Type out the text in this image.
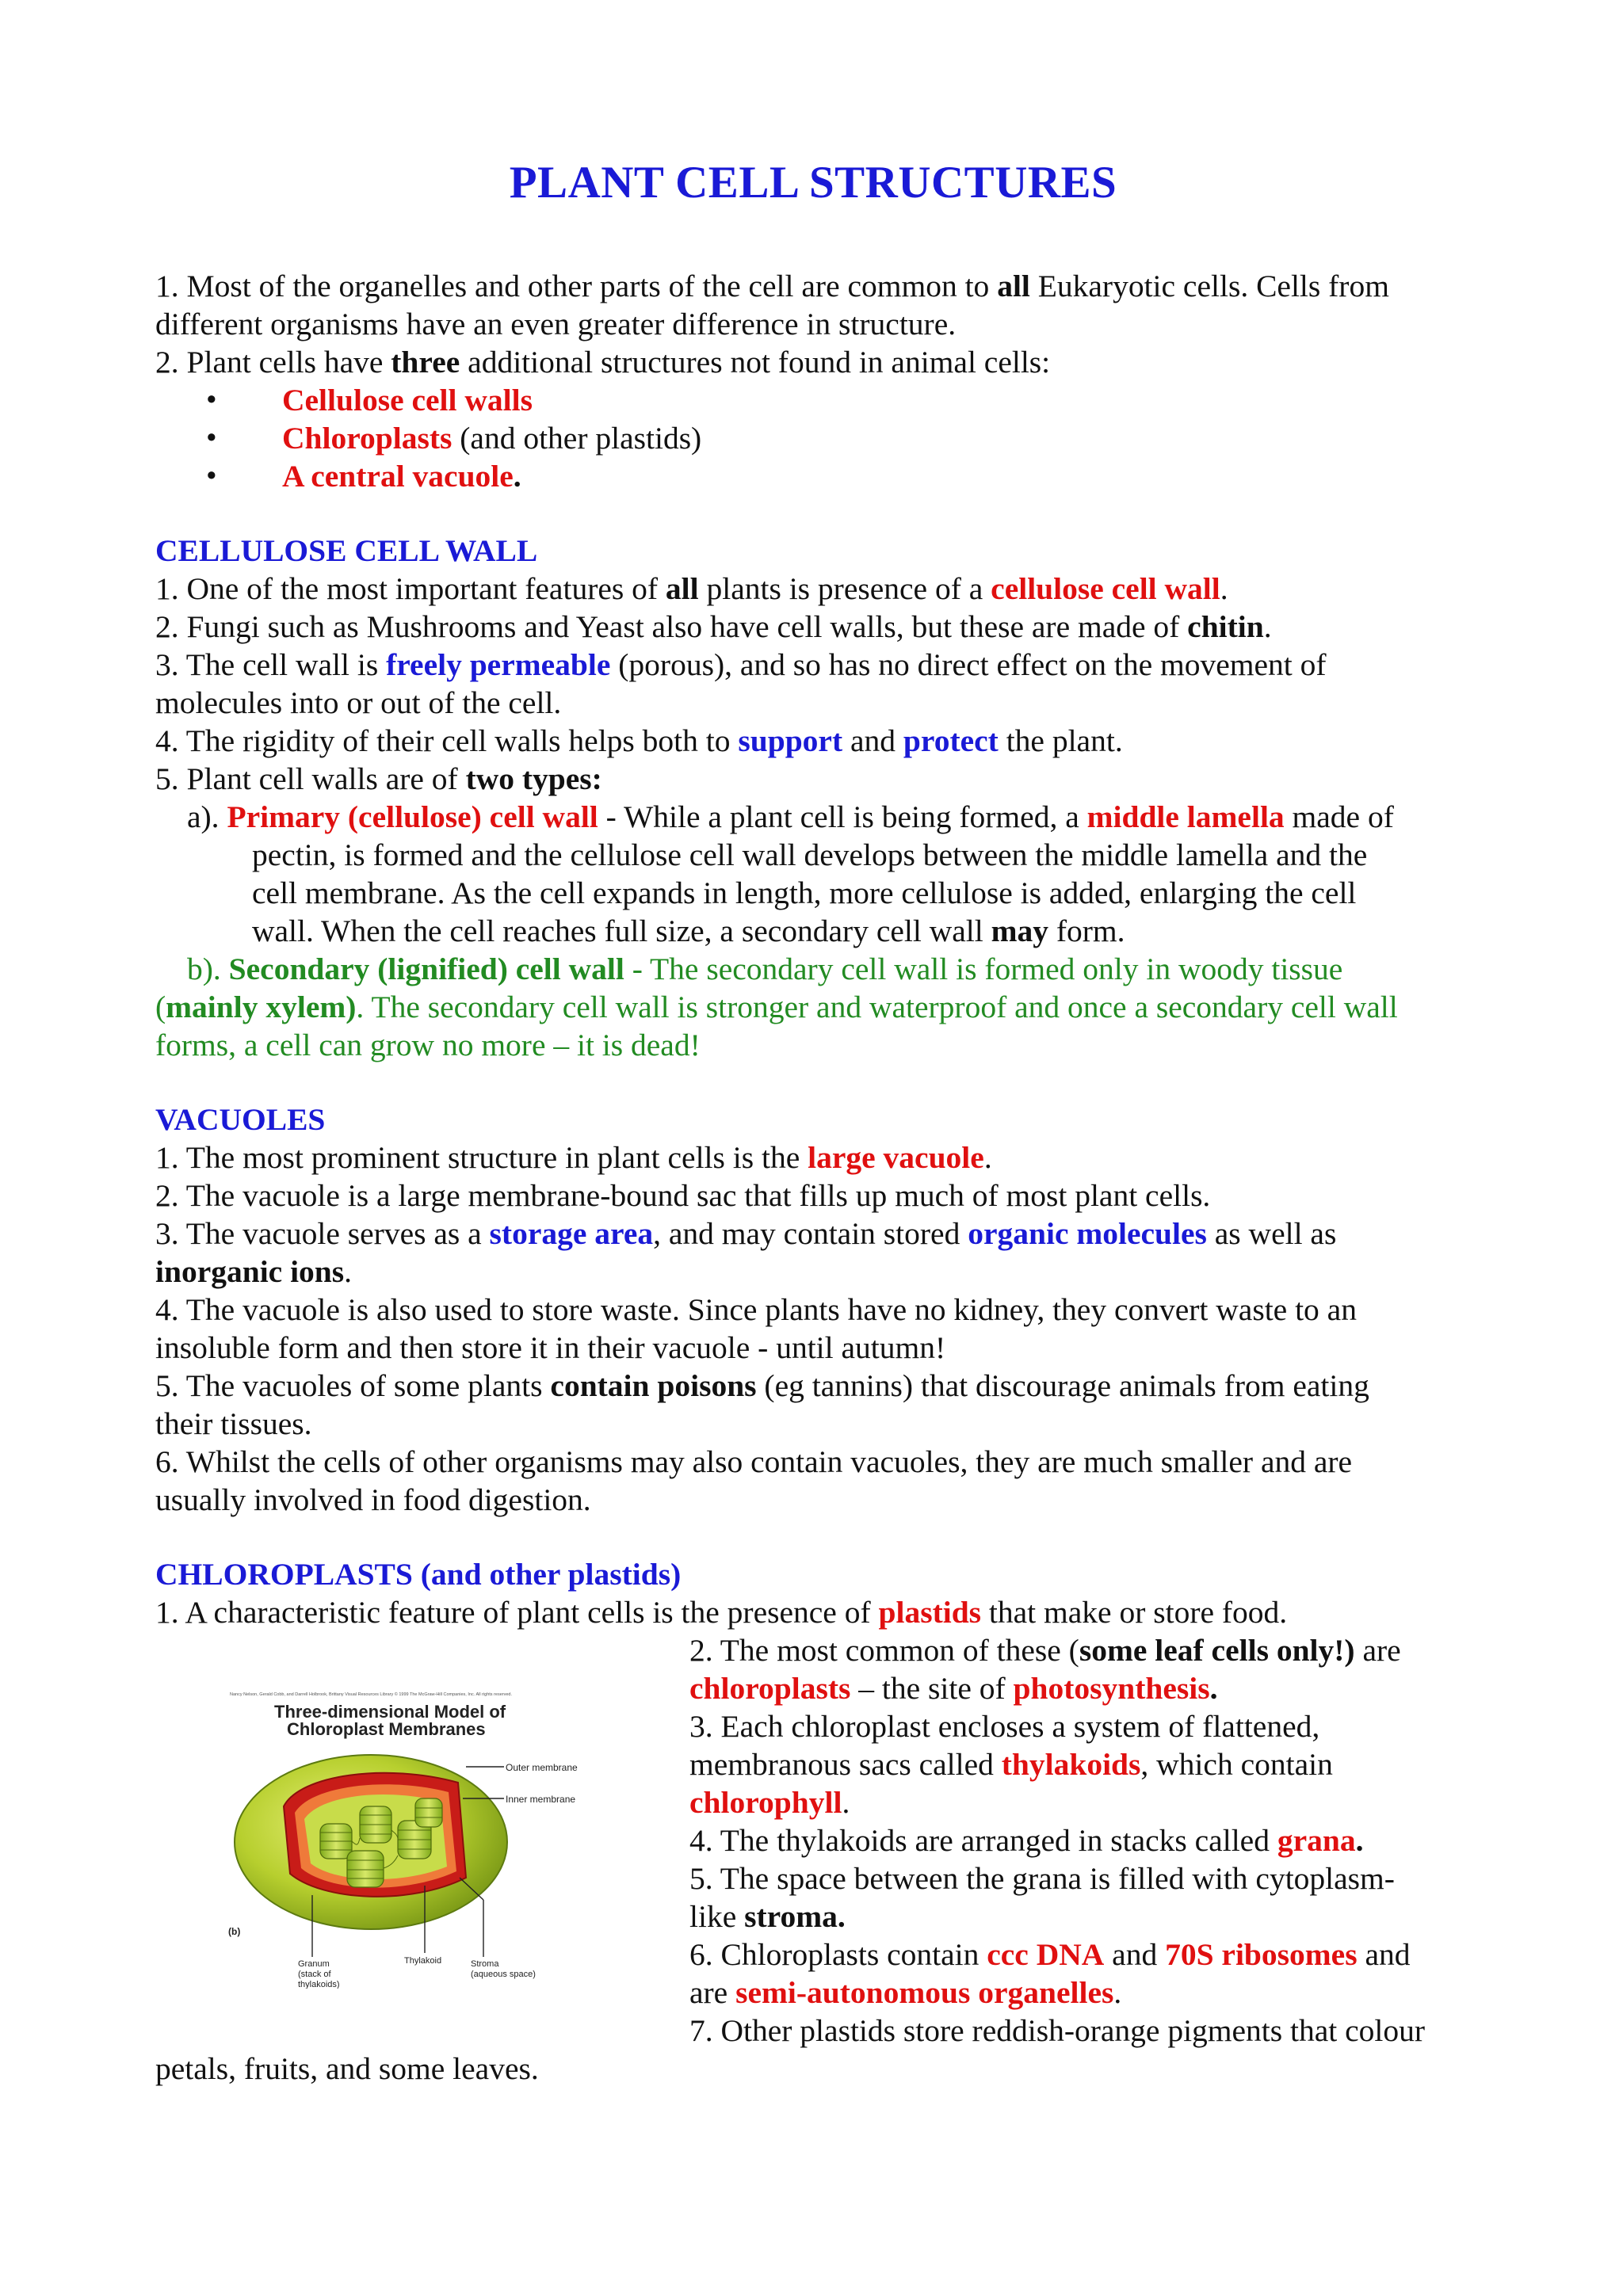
PLANT CELL STRUCTURES
1. Most of the organelles and other parts of the cell are common to all Eukaryotic cells. Cells from
different organisms have an even greater difference in structure.
2. Plant cells have three additional structures not found in animal cells:
• Cellulose cell walls
• Chloroplasts (and other plastids)
• A central vacuole.
CELLULOSE CELL WALL
1. One of the most important features of all plants is presence of a cellulose cell wall.
2. Fungi such as Mushrooms and Yeast also have cell walls, but these are made of chitin.
3. The cell wall is freely permeable (porous), and so has no direct effect on the movement of
molecules into or out of the cell.
4. The rigidity of their cell walls helps both to support and protect the plant.
5. Plant cell walls are of two types:
a). Primary (cellulose) cell wall - While a plant cell is being formed, a middle lamella made of
pectin, is formed and the cellulose cell wall develops between the middle lamella and the
cell membrane. As the cell expands in length, more cellulose is added, enlarging the cell
wall. When the cell reaches full size, a secondary cell wall may form.
b). Secondary (lignified) cell wall - The secondary cell wall is formed only in woody tissue
(mainly xylem). The secondary cell wall is stronger and waterproof and once a secondary cell wall
forms, a cell can grow no more – it is dead!
VACUOLES
1. The most prominent structure in plant cells is the large vacuole.
2. The vacuole is a large membrane-bound sac that fills up much of most plant cells.
3. The vacuole serves as a storage area, and may contain stored organic molecules as well as
inorganic ions.
4. The vacuole is also used to store waste. Since plants have no kidney, they convert waste to an
insoluble form and then store it in their vacuole - until autumn!
5. The vacuoles of some plants contain poisons (eg tannins) that discourage animals from eating
their tissues.
6. Whilst the cells of other organisms may also contain vacuoles, they are much smaller and are
usually involved in food digestion.
CHLOROPLASTS (and other plastids)
1. A characteristic feature of plant cells is the presence of plastids that make or store food.
2. The most common of these (some leaf cells only!) are
chloroplasts – the site of photosynthesis.
3. Each chloroplast encloses a system of flattened,
membranous sacs called thylakoids, which contain
chlorophyll.
4. The thylakoids are arranged in stacks called grana.
5. The space between the grana is filled with cytoplasm-
like stroma.
6. Chloroplasts contain ccc DNA and 70S ribosomes and
are semi-autonomous organelles.
7. Other plastids store reddish-orange pigments that colour
petals, fruits, and some leaves.
Nancy Nelson, Gerald Cobb, and Darrell Holbrook, Brittany Visual Resources Library © 1999 The McGraw-Hill Companies, Inc. All rights reserved.
Three-dimensional Model of
Chloroplast Membranes
Outer membrane
Inner membrane
(b)
Granum
(stack of
thylakoids)
Thylakoid	Stroma
(aqueous space)
